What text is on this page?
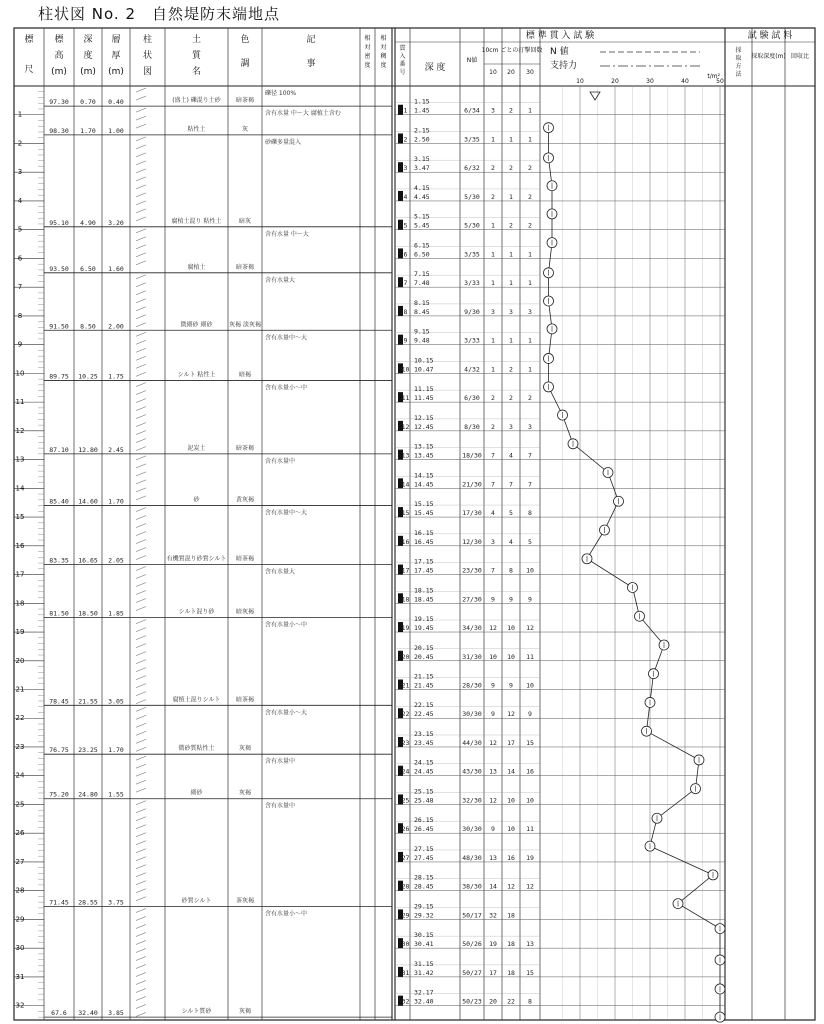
柱状図 No. 2　自然堤防末端地点
標
尺
標
高
(m)
深
度
(m)
層
厚
(m)
柱
状
図
土
質
名
色
調
記
事
相
対
密
度
相
対
稠
度
標 準 貫 入 試 験
貫
入
番
号 深 度
N値
10cm ごとの打撃回数
10 20 30
N 値
支持力
t/m²
試 験 試 料
採
取
方
法
採取深度(m) 回収比
10	20	30	40	50
1
2
3
4
5
6
7
8
9
10
11
12
13
14
15
16
17
18
19
20
21
22
23
24
25
26
27
28
29
30
31
32
97.30 0.70 0.40	(盛土) 礫混り土砂	暗茶褐
礫径 100%
98.30 1.70 1.00	粘性土	灰
含有水量 中〜大 腐植土含む
95.10 4.90 3.20	腐植土混り 粘性土	暗灰
砂礫多量混入
93.50 6.50 1.60	腐植土	暗茶褐
含有水量 中〜大
91.50 8.50 2.00	微細砂 細砂	灰褐 淡灰褐
含有水量大
89.75 10.25 1.75	シルト 粘性土	暗褐
含有水量中〜大
87.10 12.80 2.45	泥炭土	暗茶褐
含有水量小〜中
85.40 14.60 1.70	砂	黄灰褐
含有水量中
83.35 16.65 2.05	有機質混り砂質シルト 暗茶褐
含有水量中〜大
81.50 18.50 1.85	シルト混り砂	暗灰褐
含有水量大
78.45 21.55 3.05	腐植土混りシルト	暗茶褐
含有水量小〜中
76.75 23.25 1.70	微砂質粘性土	灰褐
含有水量小〜大
75.20 24.80 1.55	細砂	灰褐
含有水量中
71.45 28.55 3.75	砂質シルト	茶灰褐
含有水量中
67.6 32.40 3.85	シルト質砂	灰褐
含有水量小〜中
1
1.15
1.45	6/34 3 2 1
2
2.15
2.50	3/35 1 1 1
3
3.15
3.47	6/32 2 2 2
4
4.15
4.45	5/30 2 1 2
5
5.15
5.45	5/30 1 2 2
6
6.15
6.50	3/35 1 1 1
7
7.15
7.48	3/33 1 1 1
8
8.15
8.45	9/30 3 3 3
9
9.15
9.48	3/33 1 1 1
10
10.15
10.47	4/32 1 2 1
11
11.15
11.45	6/30 2 2 2
12
12.15
12.45	8/30 2 3 3
13
13.15
13.45	18/30 7 4 7
14
14.15
14.45	21/30 7 7 7
15
15.15
15.45	17/30 4 5 8
16
16.15
16.45	12/30 3 4 5
17
17.15
17.45	23/30 7 8 10
18
18.15
18.45	27/30 9 9 9
19
19.15
19.45	34/30 12 10 12
20
20.15
20.45	31/30 10 10 11
21
21.15
21.45	28/30 9 9 10
22
22.15
22.45	30/30 9 12 9
23
23.15
23.45	44/30 12 17 15
24
24.15
24.45	43/30 13 14 16
25
25.15
25.48	32/30 12 10 10
26
26.15
26.45	30/30 9 10 11
27
27.15
27.45	48/30 13 16 19
28
28.15
28.45	38/30 14 12 12
29
29.15
29.32	50/17 32 18
30
30.15
30.41	50/26 19 18 13
31
31.15
31.42	50/27 17 18 15
32
32.17
32.40	50/23 20 22 8
